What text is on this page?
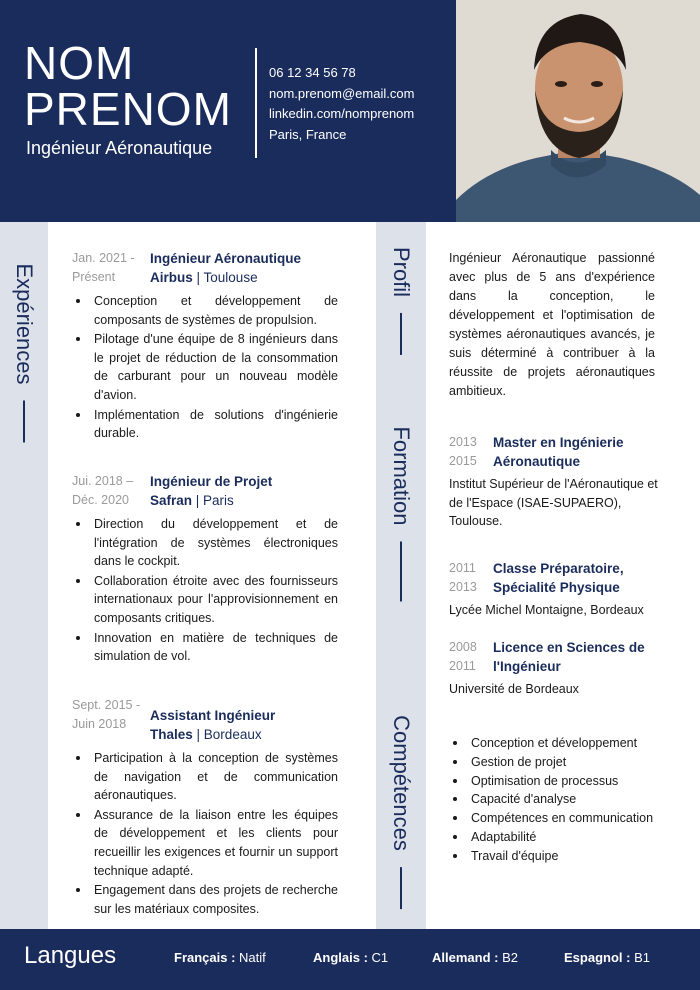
NOM
PRENOM
Ingénieur Aéronautique
06 12 34 56 78
nom.prenom@email.com
linkedin.com/nomprenom
Paris, France
Expériences	Profil
Formation
Compétences
Jan. 2021 -
Présent
Ingénieur Aéronautique
Airbus | Toulouse
Conception et développement de composants de systèmes de propulsion.
Pilotage d'une équipe de 8 ingénieurs dans le projet de réduction de la consommation de carburant pour un nouveau modèle d'avion.
Implémentation de solutions d'ingénierie durable.
Jui. 2018 –
Déc. 2020
Ingénieur de Projet
Safran | Paris
Direction du développement et de l'intégration de systèmes électroniques dans le cockpit.
Collaboration étroite avec des fournisseurs internationaux pour l'approvisionnement en composants critiques.
Innovation en matière de techniques de simulation de vol.
Sept. 2015 -
Juin 2018
Assistant Ingénieur
Thales | Bordeaux
Participation à la conception de systèmes de navigation et de communication aéronautiques.
Assurance de la liaison entre les équipes de développement et les clients pour recueillir les exigences et fournir un support technique adapté.
Engagement dans des projets de recherche sur les matériaux composites.
Ingénieur Aéronautique passionné avec plus de 5 ans d'expérience dans la conception, le développement et l'optimisation de systèmes aéronautiques avancés, je suis déterminé à contribuer à la réussite de projets aéronautiques ambitieux.
2013
2015
Master en Ingénierie
Aéronautique
Institut Supérieur de l'Aéronautique et de l'Espace (ISAE-SUPAERO), Toulouse.
2011
2013
Classe Préparatoire,
Spécialité Physique
Lycée Michel Montaigne, Bordeaux
2008
2011
Licence en Sciences de
l'Ingénieur
Université de Bordeaux
Conception et développement
Gestion de projet
Optimisation de processus
Capacité d'analyse
Compétences en communication
Adaptabilité
Travail d'équipe
Langues	Français : Natif	Anglais : C1	Allemand : B2	Espagnol : B1
